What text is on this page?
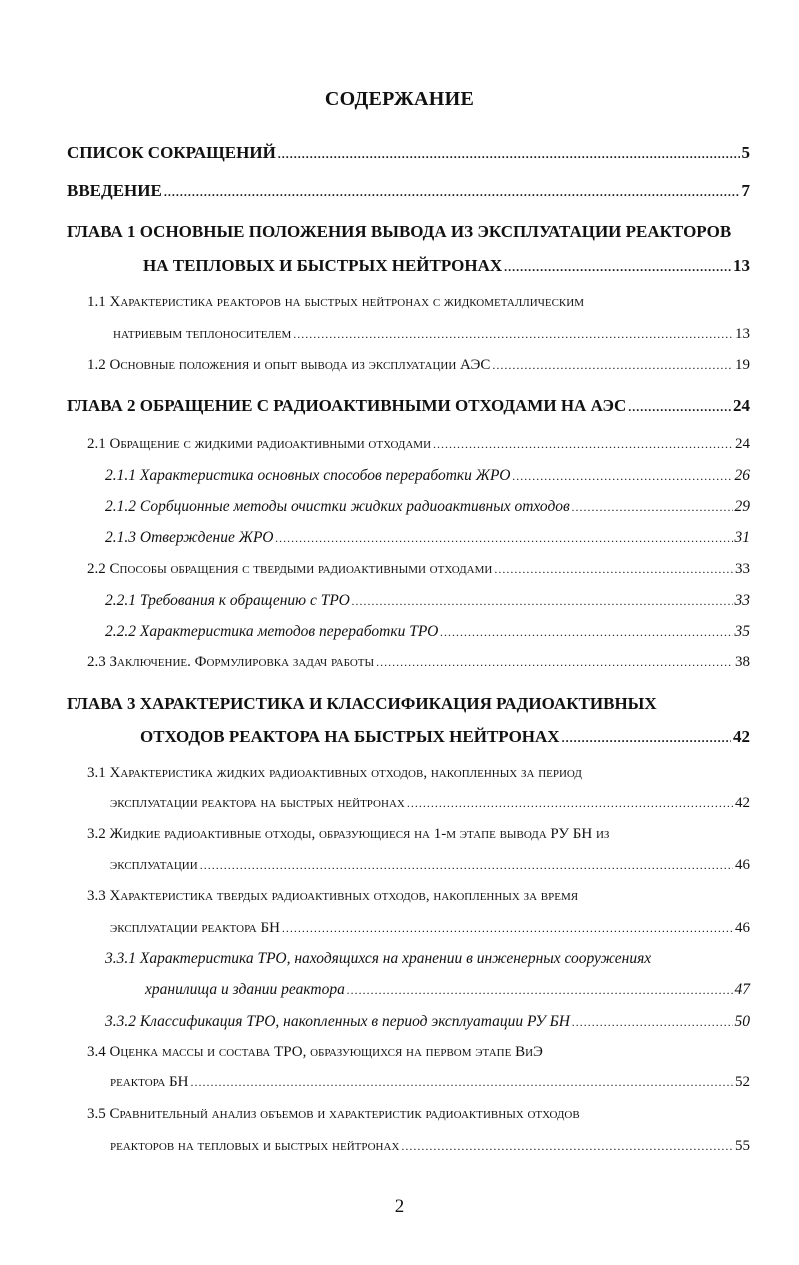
СОДЕРЖАНИЕ
СПИСОК СОКРАЩЕНИЙ .....	5
ВВЕДЕНИЕ .....	7
ГЛАВА 1 ОСНОВНЫЕ ПОЛОЖЕНИЯ ВЫВОДА ИЗ ЭКСПЛУАТАЦИИ РЕАКТОРОВ
НА ТЕПЛОВЫХ И БЫСТРЫХ НЕЙТРОНАХ .....	13
1.1 Характеристика реакторов на быстрых нейтронах с жидкометаллическим
натриевым теплоносителем .....	13
1.2 Основные положения и опыт вывода из эксплуатации АЭС .....	19
ГЛАВА 2 ОБРАЩЕНИЕ С РАДИОАКТИВНЫМИ ОТХОДАМИ НА АЭС .....	24
2.1 Обращение с жидкими радиоактивными отходами .....	24
2.1.1 Характеристика основных способов переработки ЖРО .....	26
2.1.2 Сорбционные методы очистки жидких радиоактивных отходов .....	29
2.1.3 Отверждение ЖРО .....	31
2.2 Способы обращения с твердыми радиоактивными отходами .....	33
2.2.1 Требования к обращению с ТРО .....	33
2.2.2 Характеристика методов переработки ТРО .....	35
2.3 Заключение. Формулировка задач работы .....	38
ГЛАВА 3 ХАРАКТЕРИСТИКА И КЛАССИФИКАЦИЯ РАДИОАКТИВНЫХ
ОТХОДОВ РЕАКТОРА НА БЫСТРЫХ НЕЙТРОНАХ .....	42
3.1 Характеристика жидких радиоактивных отходов, накопленных за период
эксплуатации реактора на быстрых нейтронах .....	42
3.2 Жидкие радиоактивные отходы, образующиеся на 1-м этапе вывода РУ БН из
эксплуатации .....	46
3.3 Характеристика твердых радиоактивных отходов, накопленных за время
эксплуатации реактора БН .....	46
3.3.1 Характеристика ТРО, находящихся на хранении в инженерных сооружениях
хранилища и здании реактора .....	47
3.3.2 Классификация ТРО, накопленных в период эксплуатации РУ БН .....	50
3.4 Оценка массы и состава ТРО, образующихся на первом этапе ВиЭ
реактора БН .....	52
3.5 Сравнительный анализ объемов и характеристик радиоактивных отходов
реакторов на тепловых и быстрых нейтронах .....	55
2
